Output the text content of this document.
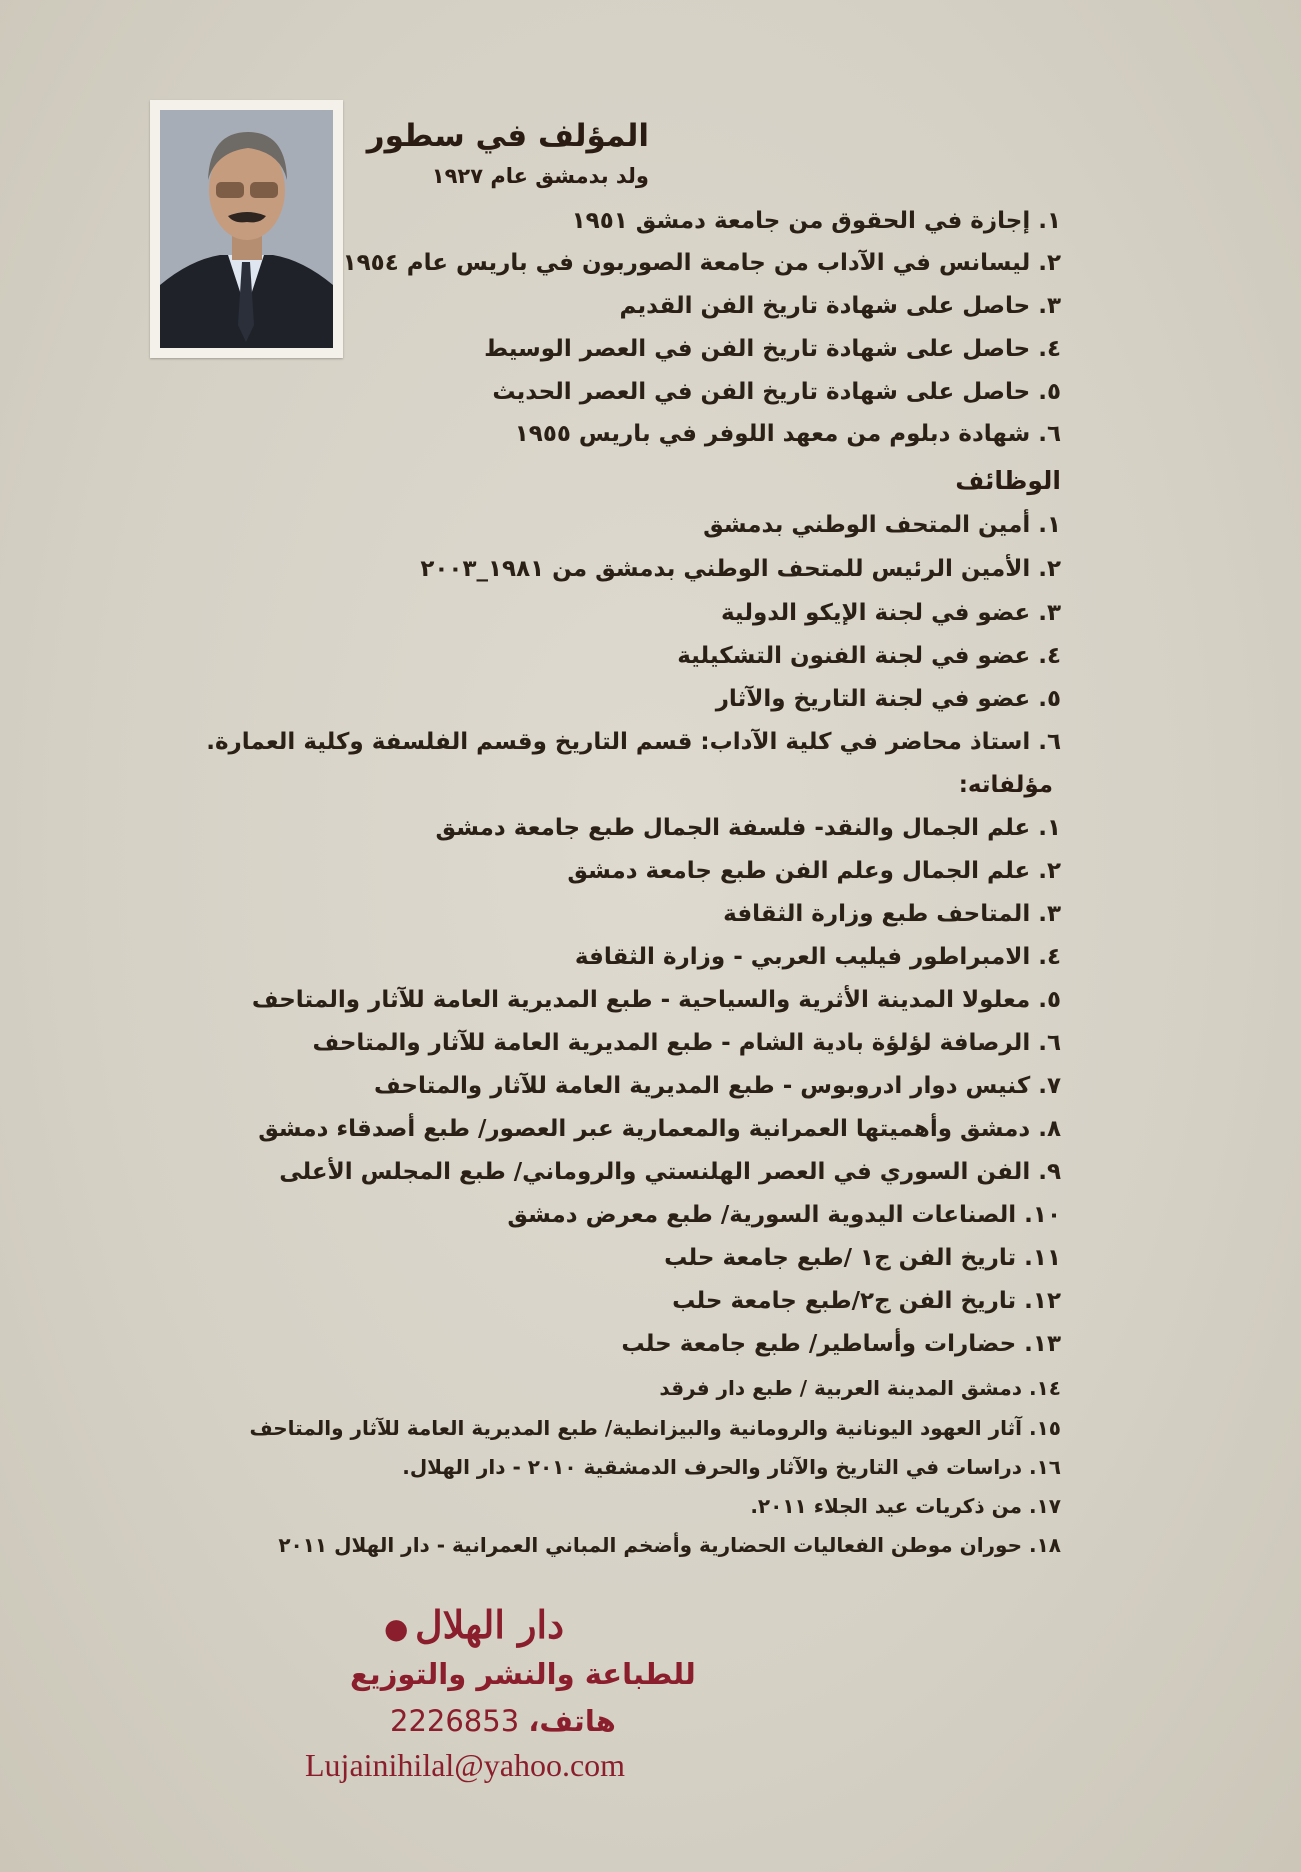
المؤلف في سطور
ولد بدمشق عام ١٩٢٧
١. إجازة في الحقوق من جامعة دمشق ١٩٥١
٢. ليسانس في الآداب من جامعة الصوربون في باريس عام ١٩٥٤
٣. حاصل على شهادة تاريخ الفن القديم
٤. حاصل على شهادة تاريخ الفن في العصر الوسيط
٥. حاصل على شهادة تاريخ الفن في العصر الحديث
٦. شهادة دبلوم من معهد اللوفر في باريس ١٩٥٥
الوظائف
١. أمين المتحف الوطني بدمشق
٢. الأمين الرئيس للمتحف الوطني بدمشق من ١٩٨١_٢٠٠٣
٣. عضو في لجنة الإيكو الدولية
٤. عضو في لجنة الفنون التشكيلية
٥. عضو في لجنة التاريخ والآثار
٦. استاذ محاضر في كلية الآداب: قسم التاريخ وقسم الفلسفة وكلية العمارة.
مؤلفاته:
١. علم الجمال والنقد- فلسفة الجمال طبع جامعة دمشق
٢. علم الجمال وعلم الفن طبع جامعة دمشق
٣. المتاحف طبع وزارة الثقافة
٤. الامبراطور فيليب العربي - وزارة الثقافة
٥. معلولا المدينة الأثرية والسياحية - طبع المديرية العامة للآثار والمتاحف
٦. الرصافة لؤلؤة بادية الشام - طبع المديرية العامة للآثار والمتاحف
٧. كنيس دوار ادروبوس - طبع المديرية العامة للآثار والمتاحف
٨. دمشق وأهميتها العمرانية والمعمارية عبر العصور/ طبع أصدقاء دمشق
٩. الفن السوري في العصر الهلنستي والروماني/ طبع المجلس الأعلى
١٠. الصناعات اليدوية السورية/ طبع معرض دمشق
١١. تاريخ الفن ج١ /طبع جامعة حلب
١٢. تاريخ الفن ج٢/طبع جامعة حلب
١٣. حضارات وأساطير/ طبع جامعة حلب
١٤. دمشق المدينة العربية / طبع دار فرقد
١٥. آثار العهود اليونانية والرومانية والبيزانطية/ طبع المديرية العامة للآثار والمتاحف
١٦. دراسات في التاريخ والآثار والحرف الدمشقية ٢٠١٠ - دار الهلال.
١٧. من ذكريات عيد الجلاء ٢٠١١.
١٨. حوران موطن الفعاليات الحضارية وأضخم المباني العمرانية - دار الهلال ٢٠١١
● دار الهلال
للطباعة والنشر والتوزيع
هاتف، 2226853
Lujainihilal@yahoo.com
